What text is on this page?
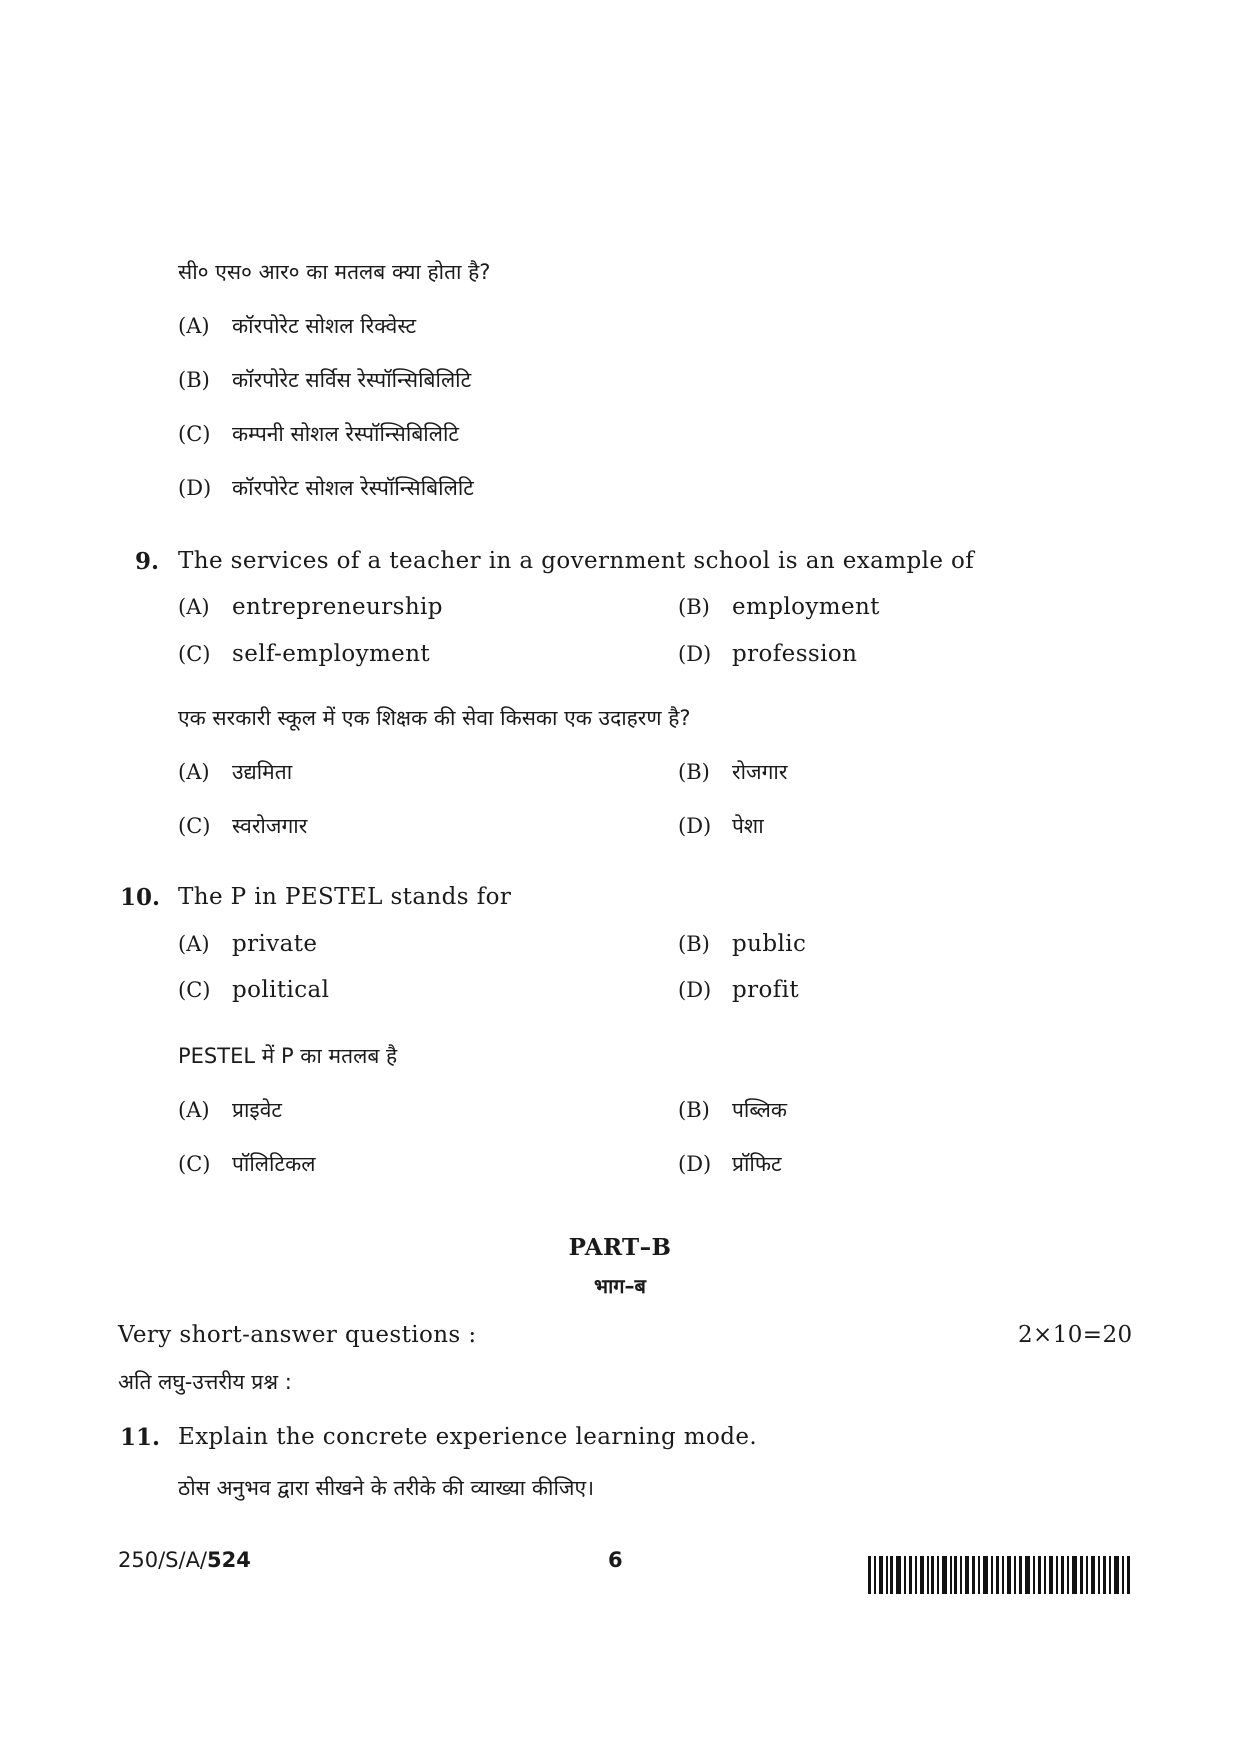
सी० एस० आर० का मतलब क्या होता है?
(A)	कॉरपोरेट सोशल रिक्वेस्ट
(B)	कॉरपोरेट सर्विस रेस्पॉन्सिबिलिटि
(C)	कम्पनी सोशल रेस्पॉन्सिबिलिटि
(D) कॉरपोरेट सोशल रेस्पॉन्सिबिलिटि
9. The services of a teacher in a government school is an example of
(A) entrepreneurship	(B) employment
(C) self-employment	(D) profession
एक सरकारी स्कूल में एक शिक्षक की सेवा किसका एक उदाहरण है?
(A)	उद्यमिता	(B)	रोजगार
(C)	स्वरोजगार	(D) पेशा
10. The P in PESTEL stands for
(A) private	(B) public
(C) political	(D) profit
PESTEL में P का मतलब है
(A)	प्राइवेट	(B)	पब्लिक
(C)	पॉलिटिकल	(D) प्रॉफिट
PART–B
भाग–ब
Very short-answer questions :	2×10=20
अति लघु-उत्तरीय प्रश्न :
11. Explain the concrete experience learning mode.
ठोस अनुभव द्वारा सीखने के तरीके की व्याख्या कीजिए।
250/S/A/524	6
